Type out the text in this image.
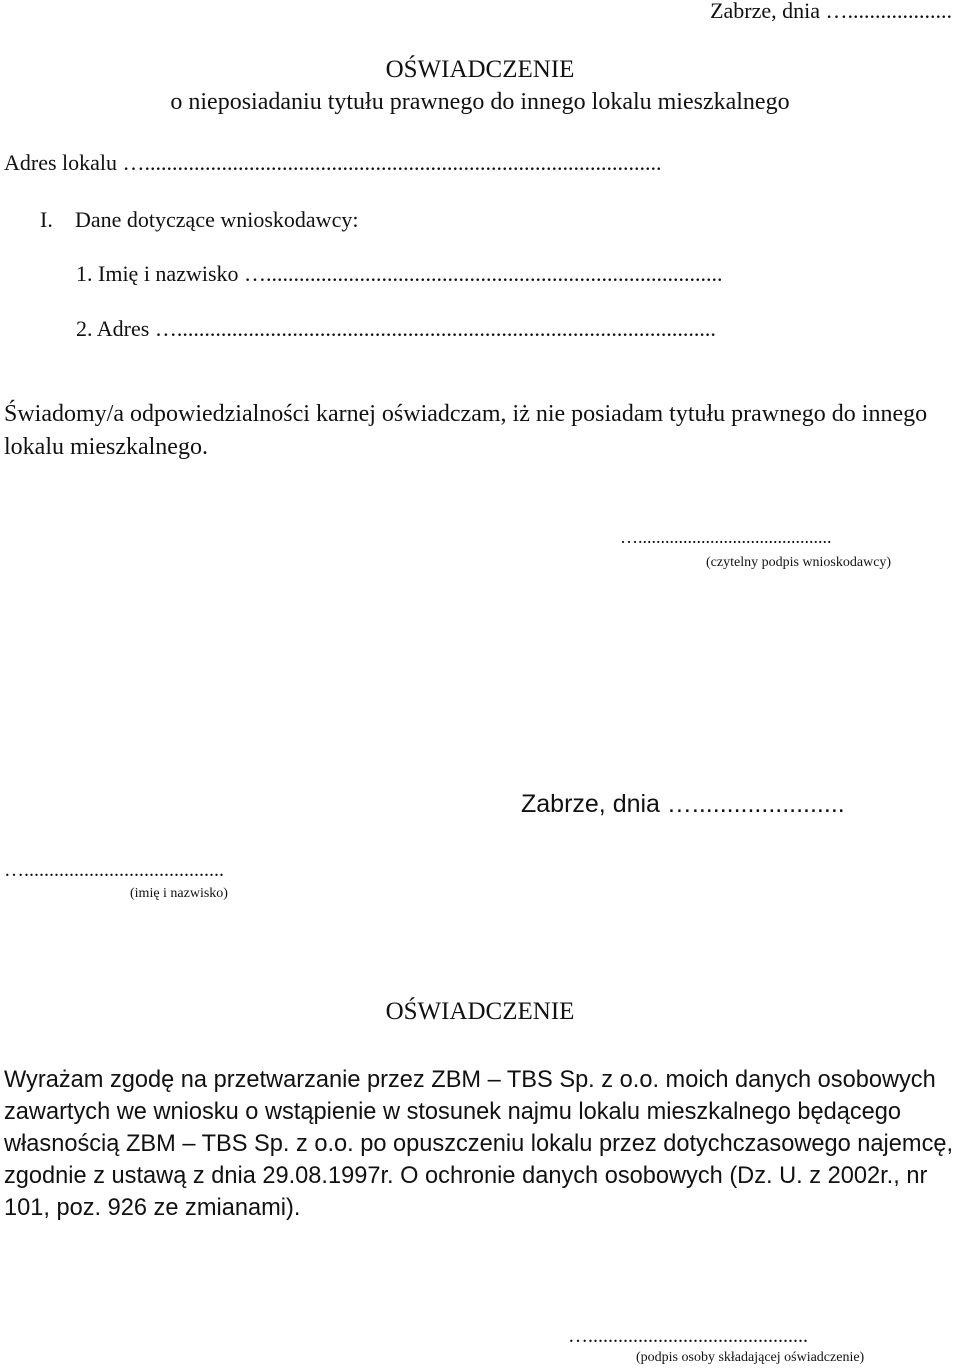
Zabrze, dnia …...................
OŚWIADCZENIE
o nieposiadaniu tytułu prawnego do innego lokalu mieszkalnego
Adres lokalu …..............................................................................................
I. Dane dotyczące wnioskodawcy:
1. Imię i nazwisko …...................................................................................
2. Adres …..................................................................................................
Świadomy/a odpowiedzialności karnej oświadczam, iż nie posiadam tytułu prawnego do innego lokalu mieszkalnego.
…...........................................
(czytelny podpis wnioskodawcy)
Zabrze, dnia …......................
…........................................
(imię i nazwisko)
OŚWIADCZENIE
Wyrażam zgodę na przetwarzanie przez ZBM – TBS Sp. z o.o. moich danych osobowych zawartych we wniosku o wstąpienie w stosunek najmu lokalu mieszkalnego będącego własnością ZBM – TBS Sp. z o.o. po opuszczeniu lokalu przez dotychczasowego najemcę, zgodnie z ustawą z dnia 29.08.1997r. O ochronie danych osobowych (Dz. U. z 2002r., nr 101, poz. 926 ze zmianami).
…............................................
(podpis osoby składającej oświadczenie)
